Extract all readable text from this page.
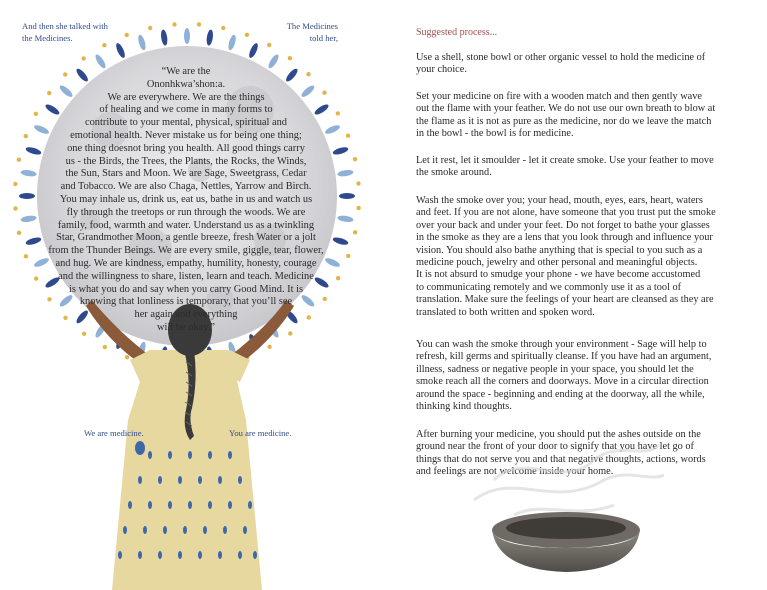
And then she talked with
the Medicines.
The Medicines
told her,
“We are the
Ononhkwa’shon:a.
We are everywhere. We are the things
of healing and we come in many forms to
contribute to your mental, physical, spiritual and
emotional health. Never mistake us for being one thing;
one thing doesnot bring you health. All good things carry
us - the Birds, the Trees, the Plants, the Rocks, the Winds,
the Sun, Stars and Moon. We are Sage, Sweetgrass, Cedar
and Tobacco. We are also Chaga, Nettles, Yarrow and Birch.
You may inhale us, drink us, eat us, bathe in us and watch us
fly through the treetops or run through the woods. We are
family, food, warmth and water. Understand us as a twinkling
Star, Grandmother Moon, a gentle breeze, fresh Water or a jolt
from the Thunder Beings. We are every smile, giggle, tear, flower,
and hug. We are kindness, empathy, humility, honesty, courage
and the willingness to share, listen, learn and teach. Medicine
is what you do and say when you carry Good Mind. It is
knowing that lonliness is temporary, that you’ll see
her again and everything
will be okay.”
We are medicine.	You are medicine.
Suggested process...
Use a shell, stone bowl or other organic vessel to hold the medicine of
your choice.
Set your medicine on fire with a wooden match and then gently wave
out the flame with your feather. We do not use our own breath to blow at
the flame as it is not as pure as the medicine, nor do we leave the match
in the bowl - the bowl is for medicine.
Let it rest, let it smoulder - let it create smoke. Use your feather to move
the smoke around.
Wash the smoke over you; your head, mouth, eyes, ears, heart, waters
and feet. If you are not alone, have someone that you trust put the smoke
over your back and under your feet. Do not forget to bathe your glasses
in the smoke as they are a lens that you look through and influence your
vision. You should also bathe anything that is special to you such as a
medicine pouch, jewelry and other personal and meaningful objects.
It is not absurd to smudge your phone - we have become accustomed
to communicating remotely and we commonly use it as a tool of
translation. Make sure the feelings of your heart are cleansed as they are
translated to both written and spoken word.
You can wash the smoke through your environment - Sage will help to
refresh, kill germs and spiritually cleanse. If you have had an argument,
illness, sadness or negative people in your space, you should let the
smoke reach all the corners and doorways. Move in a circular direction
around the space - beginning and ending at the doorway, all the while,
thinking kind thoughts.
After burning your medicine, you should put the ashes outside on the
ground near the front of your door to signify that you have let go of
things that do not serve you and that negative thoughts, actions, words
and feelings are not welcome inside your home.
